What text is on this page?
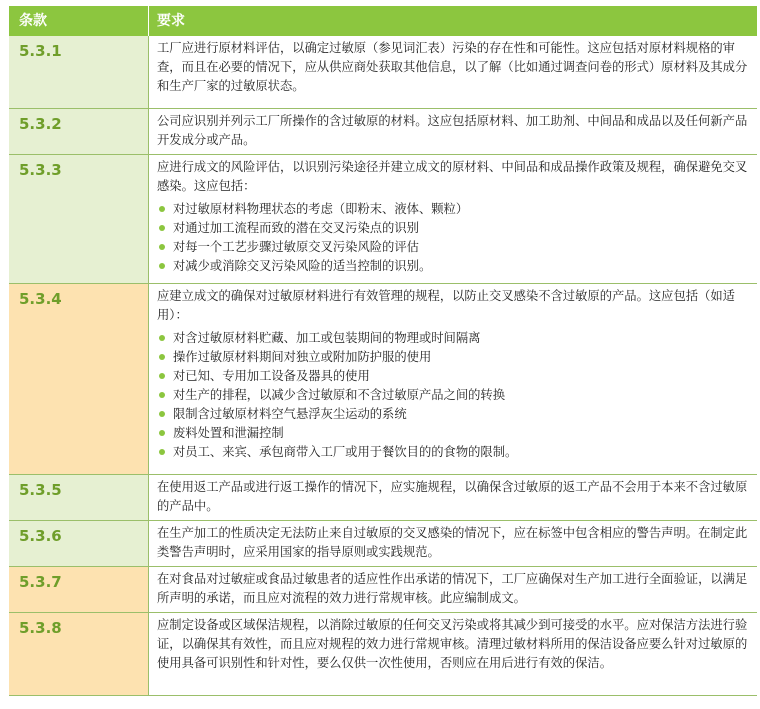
条款	要求
5.3.1	工厂应进行原材料评估，以确定过敏原（参见词汇表）污染的存在性和可能性。这应包括对原材料规格的审查，而且在必要的情况下，应从供应商处获取其他信息，以了解（比如通过调查问卷的形式）原材料及其成分和生产厂家的过敏原状态。

5.3.2	公司应识别并列示工厂所操作的含过敏原的材料。这应包括原材料、加工助剂、中间品和成品以及任何新产品开发成分或产品。

5.3.3	应进行成文的风险评估，以识别污染途径并建立成文的原材料、中间品和成品操作政策及规程，确保避免交叉感染。这应包括：

对过敏原材料物理状态的考虑（即粉末、液体、颗粒）
对通过加工流程而致的潜在交叉污染点的识别
对每一个工艺步骤过敏原交叉污染风险的评估
对减少或消除交叉污染风险的适当控制的识别。
5.3.4	应建立成文的确保对过敏原材料进行有效管理的规程，以防止交叉感染不含过敏原的产品。这应包括（如适用）：

对含过敏原材料贮藏、加工或包装期间的物理或时间隔离
操作过敏原材料期间对独立或附加防护服的使用
对已知、专用加工设备及器具的使用
对生产的排程，以减少含过敏原和不含过敏原产品之间的转换
限制含过敏原材料空气悬浮灰尘运动的系统
废料处置和泄漏控制
对员工、来宾、承包商带入工厂或用于餐饮目的的食物的限制。
5.3.5	在使用返工产品或进行返工操作的情况下，应实施规程，以确保含过敏原的返工产品不会用于本来不含过敏原的产品中。

5.3.6	在生产加工的性质决定无法防止来自过敏原的交叉感染的情况下，应在标签中包含相应的警告声明。在制定此类警告声明时，应采用国家的指导原则或实践规范。

5.3.7	在对食品对过敏症或食品过敏患者的适应性作出承诺的情况下，工厂应确保对生产加工进行全面验证，以满足所声明的承诺，而且应对流程的效力进行常规审核。此应编制成文。

5.3.8	应制定设备或区域保洁规程，以消除过敏原的任何交叉污染或将其减少到可接受的水平。应对保洁方法进行验证，以确保其有效性，而且应对规程的效力进行常规审核。清理过敏材料所用的保洁设备应要么针对过敏原的使用具备可识别性和针对性，要么仅供一次性使用，否则应在用后进行有效的保洁。
